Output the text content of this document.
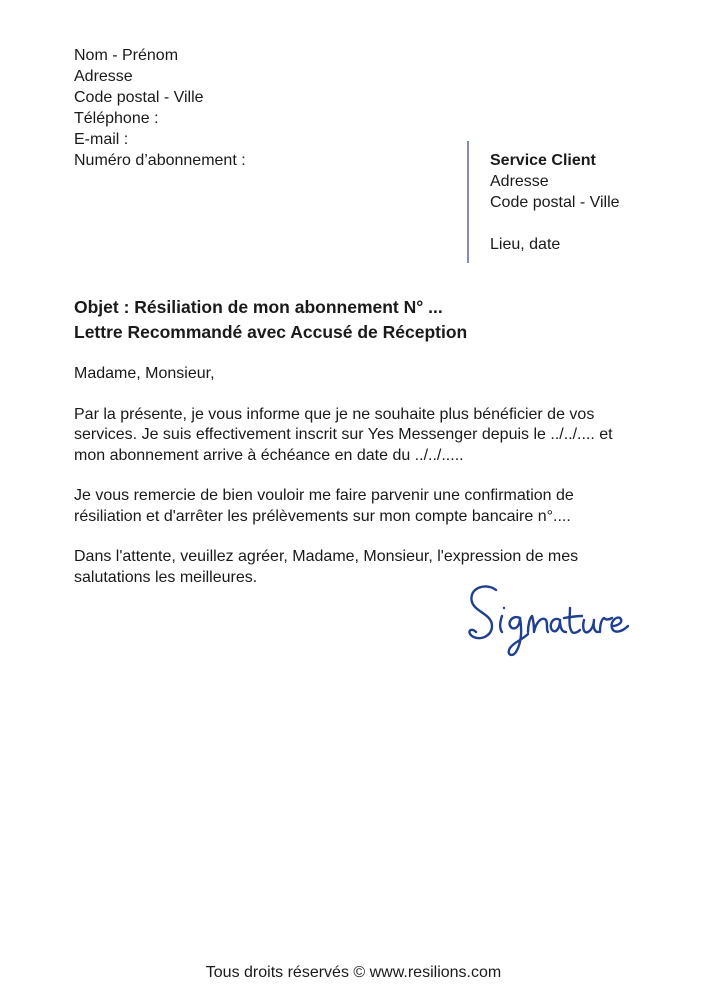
Nom - Prénom
Adresse
Code postal - Ville
Téléphone :
E-mail :
Numéro d’abonnement :	Service Client
Adresse
Code postal - Ville
Lieu, date
Objet : Résiliation de mon abonnement N° ...
Lettre Recommandé avec Accusé de Réception

Madame, Monsieur,

Par la présente, je vous informe que je ne souhaite plus bénéficier de vos services. Je suis effectivement inscrit sur Yes Messenger depuis le ../../.... et mon abonnement arrive à échéance en date du ../../.....

Je vous remercie de bien vouloir me faire parvenir une confirmation de résiliation et d'arrêter les prélèvements sur mon compte bancaire n°....

Dans l'attente, veuillez agréer, Madame, Monsieur, l'expression de mes salutations les meilleures.

Tous droits réservés © www.resilions.com
